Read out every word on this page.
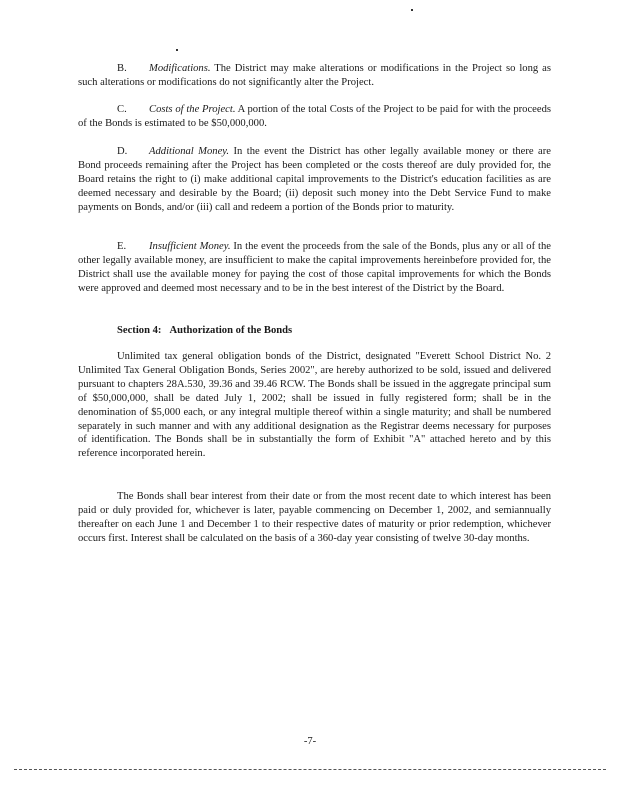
B. Modifications. The District may make alterations or modifications in the Project so long as such alterations or modifications do not significantly alter the Project.

C. Costs of the Project. A portion of the total Costs of the Project to be paid for with the proceeds of the Bonds is estimated to be $50,000,000.

D. Additional Money. In the event the District has other legally available money or there are Bond proceeds remaining after the Project has been completed or the costs thereof are duly provided for, the Board retains the right to (i) make additional capital improvements to the District's education facilities as are deemed necessary and desirable by the Board; (ii) deposit such money into the Debt Service Fund to make payments on Bonds, and/or (iii) call and redeem a portion of the Bonds prior to maturity.

E. Insufficient Money. In the event the proceeds from the sale of the Bonds, plus any or all of the other legally available money, are insufficient to make the capital improvements hereinbefore provided for, the District shall use the available money for paying the cost of those capital improvements for which the Bonds were approved and deemed most necessary and to be in the best interest of the District by the Board.

Section 4: Authorization of the Bonds

Unlimited tax general obligation bonds of the District, designated "Everett School District No. 2 Unlimited Tax General Obligation Bonds, Series 2002", are hereby authorized to be sold, issued and delivered pursuant to chapters 28A.530, 39.36 and 39.46 RCW. The Bonds shall be issued in the aggregate principal sum of $50,000,000, shall be dated July 1, 2002; shall be issued in fully registered form; shall be in the denomination of $5,000 each, or any integral multiple thereof within a single maturity; and shall be numbered separately in such manner and with any additional designation as the Registrar deems necessary for purposes of identification. The Bonds shall be in substantially the form of Exhibit "A" attached hereto and by this reference incorporated herein.

The Bonds shall bear interest from their date or from the most recent date to which interest has been paid or duly provided for, whichever is later, payable commencing on December 1, 2002, and semiannually thereafter on each June 1 and December 1 to their respective dates of maturity or prior redemption, whichever occurs first. Interest shall be calculated on the basis of a 360-day year consisting of twelve 30-day months.

-7-
